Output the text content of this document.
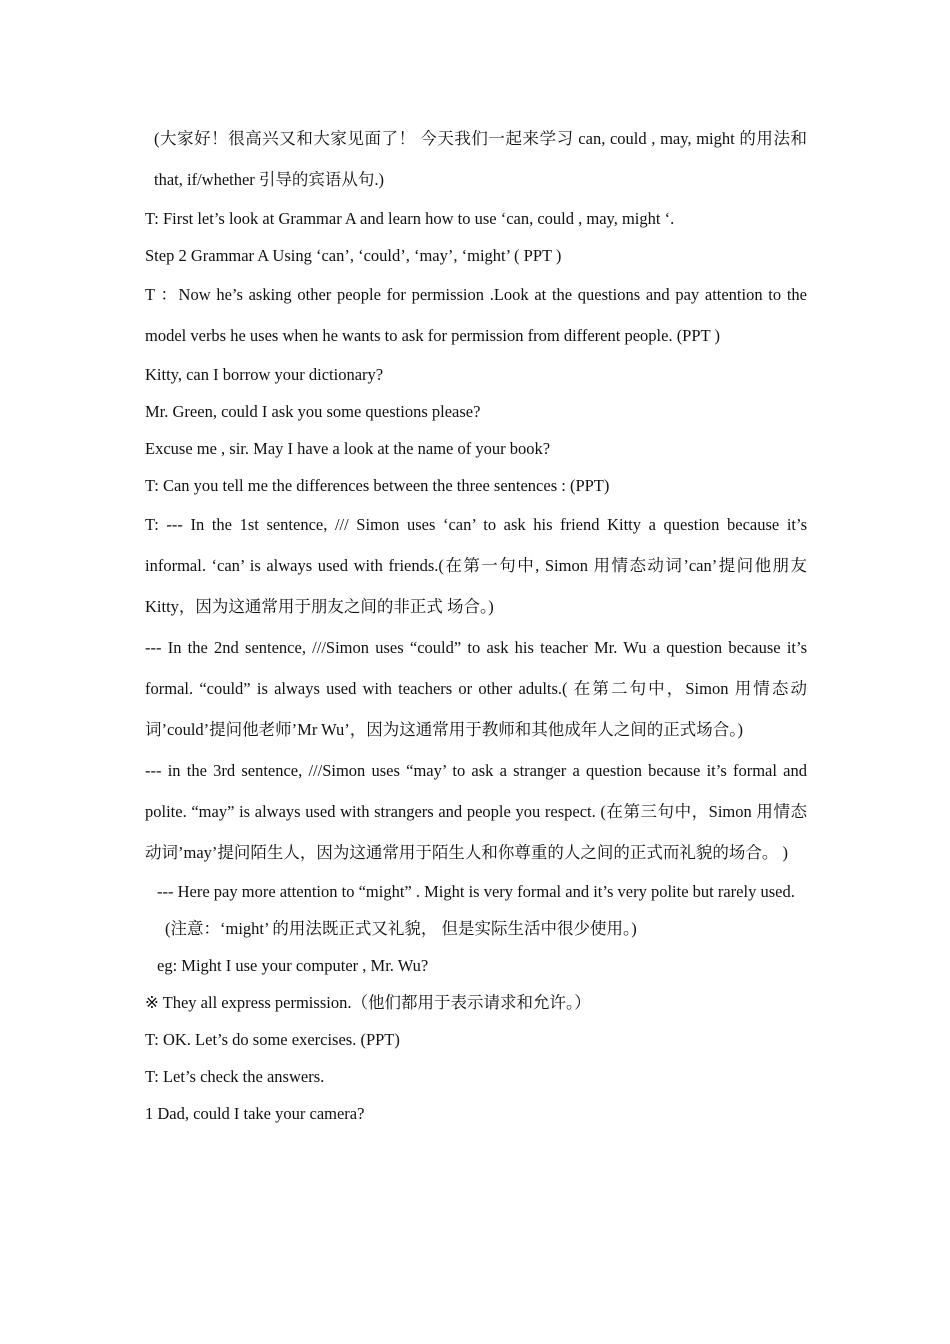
(大家好！很高兴又和大家见面了！ 今天我们一起来学习 can, could , may, might 的用法和that, if/whether 引导的宾语从句.)

T: First let’s look at Grammar A and learn how to use ‘can, could , may, might ‘.

Step 2 Grammar A Using ‘can’, ‘could’, ‘may’, ‘might’ ( PPT )

T ：Now he’s asking other people for permission .Look at the questions and pay attention to the model verbs he uses when he wants to ask for permission from different people. (PPT )

Kitty, can I borrow your dictionary?

Mr. Green, could I ask you some questions please?

Excuse me , sir. May I have a look at the name of your book?

T: Can you tell me the differences between the three sentences : (PPT)

T: --- In the 1st sentence, /// Simon uses ‘can’ to ask his friend Kitty a question because it’s informal. ‘can’ is always used with friends.(在第一句中, Simon 用情态动词’can’提问他朋友 Kitty，因为这通常用于朋友之间的非正式 场合。)

--- In the 2nd sentence, ///Simon uses “could” to ask his teacher Mr. Wu a question because it’s formal. “could” is always used with teachers or other adults.( 在第二句中，Simon 用情态动词’could’提问他老师’Mr Wu’，因为这通常用于教师和其他成年人之间的正式场合。)

--- in the 3rd sentence, ///Simon uses “may’ to ask a stranger a question because it’s formal and polite. “may” is always used with strangers and people you respect. (在第三句中，Simon 用情态动词’may’提问陌生人，因为这通常用于陌生人和你尊重的人之间的正式而礼貌的场合。 )

--- Here pay more attention to “might” . Might is very formal and it’s very polite but rarely used.

(注意：‘might’ 的用法既正式又礼貌， 但是实际生活中很少使用。)

eg: Might I use your computer , Mr. Wu?

※ They all express permission.（他们都用于表示请求和允许。）

T: OK. Let’s do some exercises. (PPT)

T: Let’s check the answers.

1 Dad, could I take your camera?
